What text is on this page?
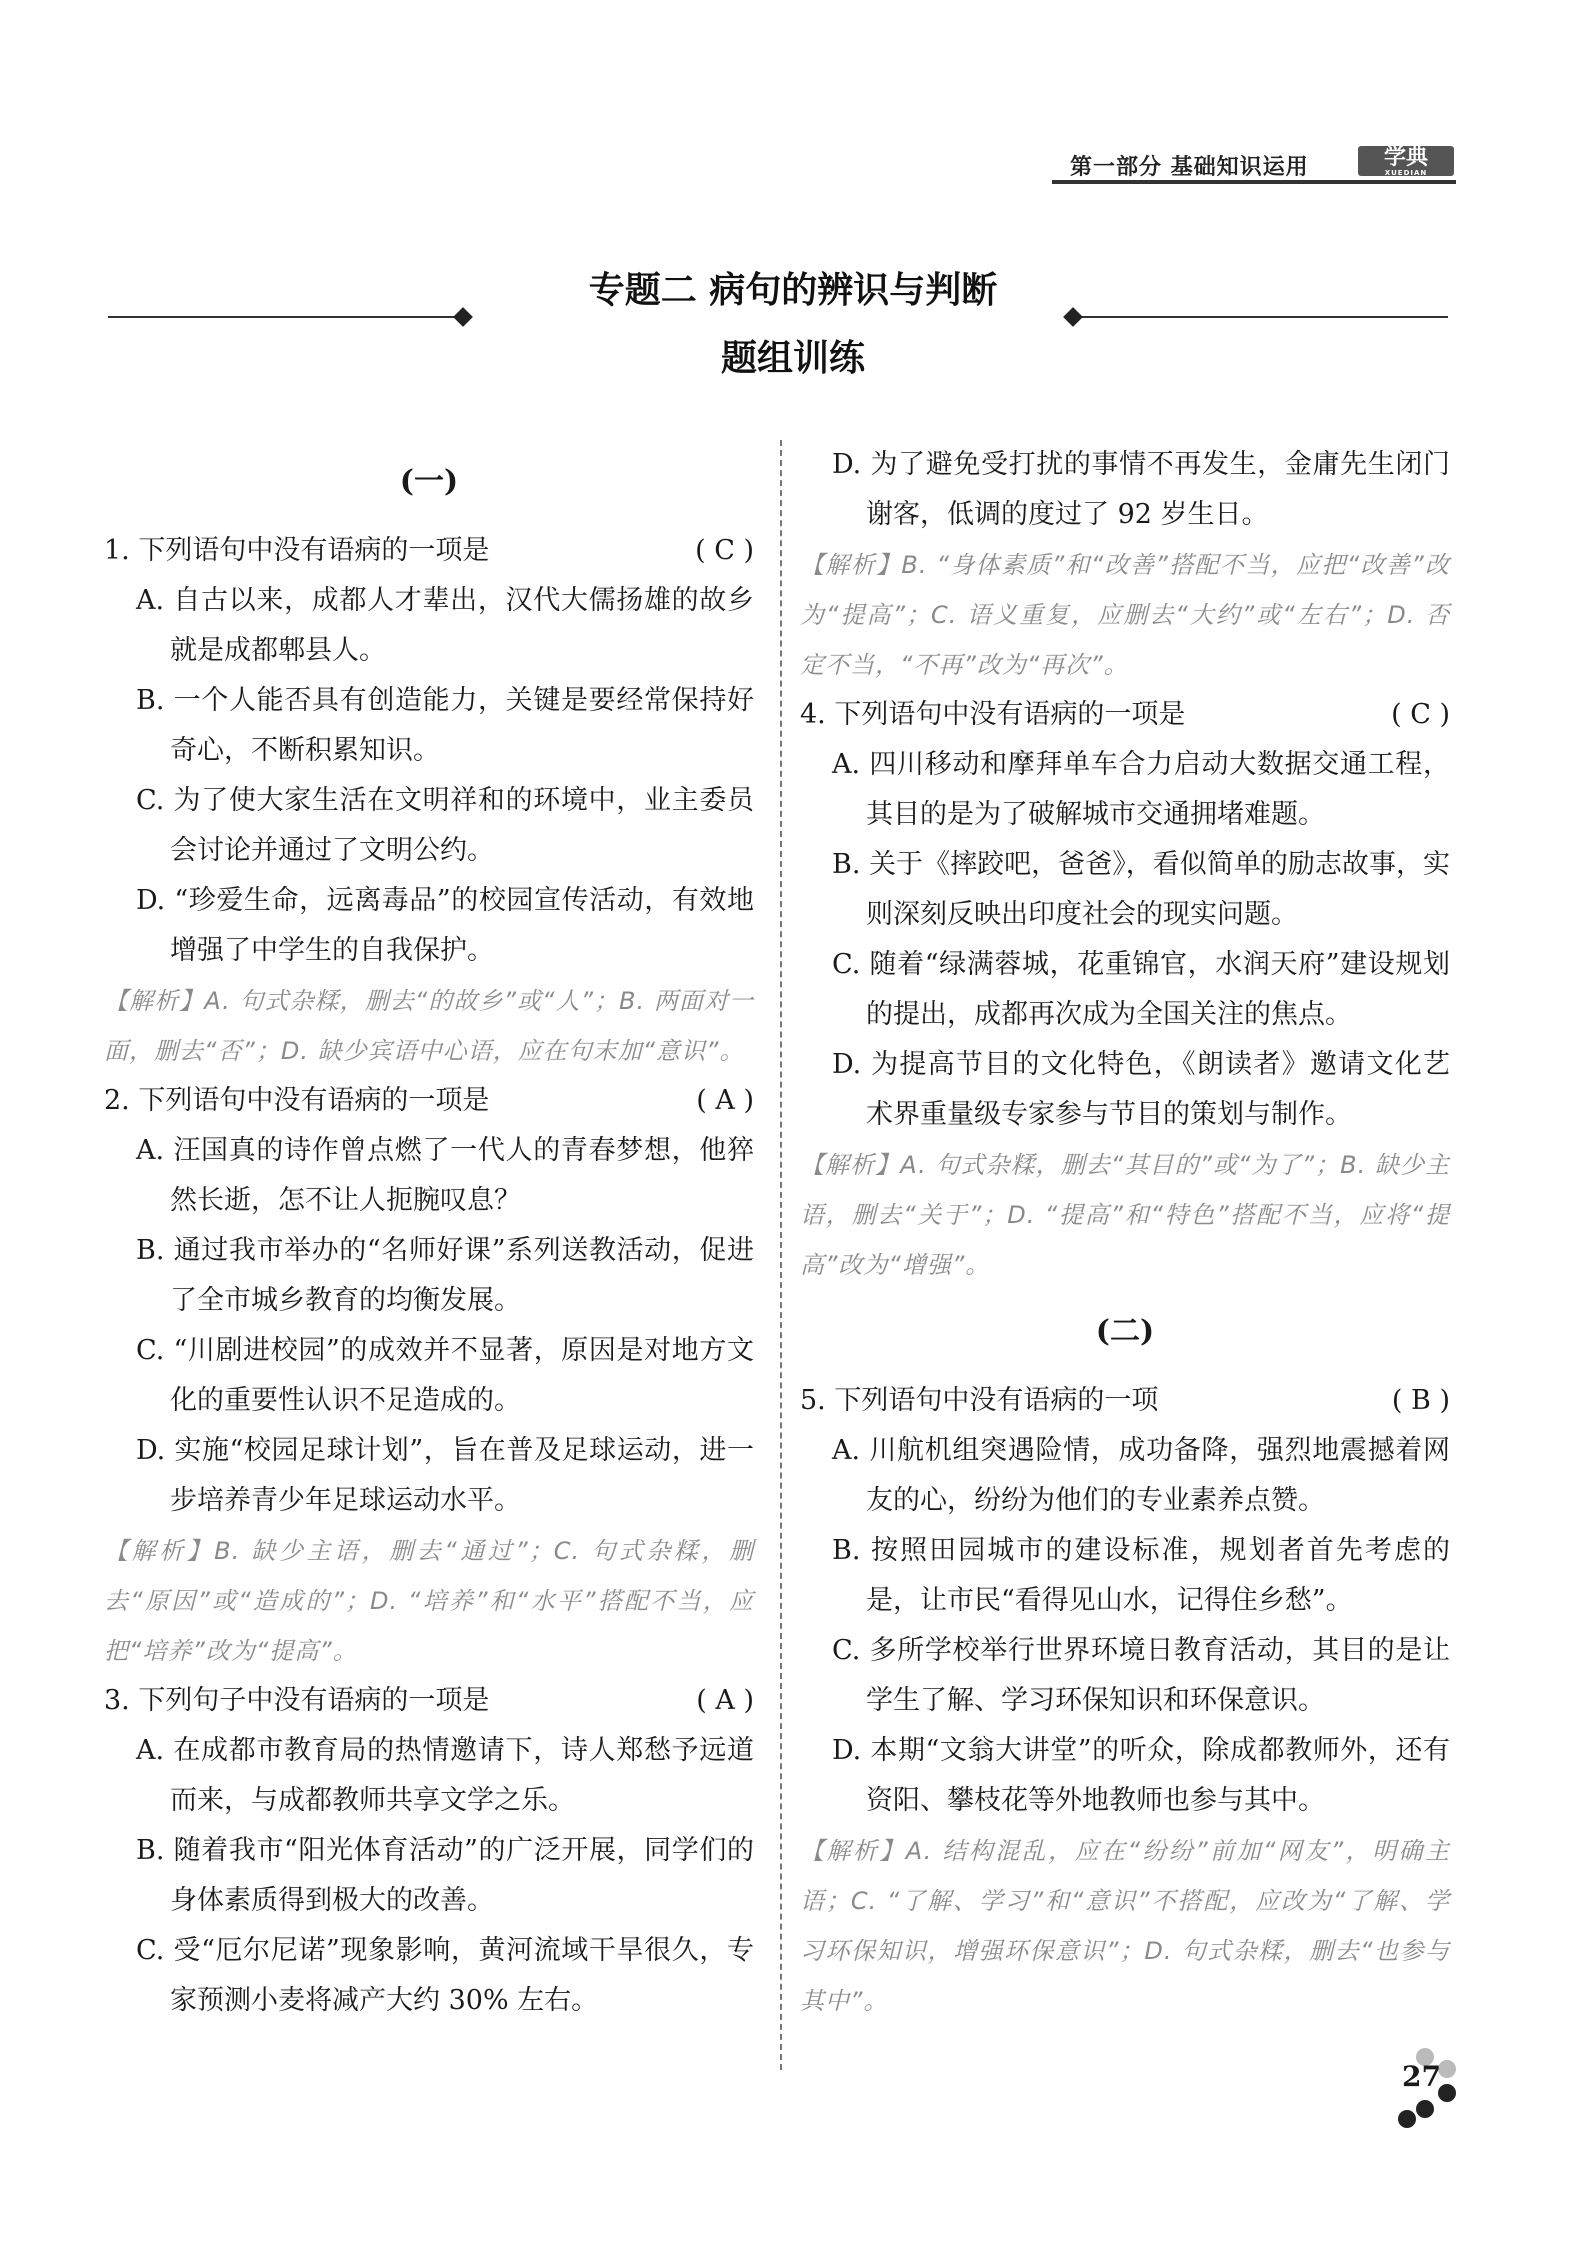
第一部分 基础知识运用	学典
XUEDIAN
专题二 病句的辨识与判断
题组训练
(一)
1. 下列语句中没有语病的一项是	( C )
A. 自古以来，成都人才辈出，汉代大儒扬雄的故乡就是成都郫县人。
B. 一个人能否具有创造能力，关键是要经常保持好奇心，不断积累知识。
C. 为了使大家生活在文明祥和的环境中，业主委员会讨论并通过了文明公约。
D. “珍爱生命，远离毒品”的校园宣传活动，有效地增强了中学生的自我保护。
【解析】A. 句式杂糅，删去“的故乡”或“人”；B. 两面对一面，删去“否”；D. 缺少宾语中心语，应在句末加“意识”。
2. 下列语句中没有语病的一项是	( A )
A. 汪国真的诗作曾点燃了一代人的青春梦想，他猝然长逝，怎不让人扼腕叹息？
B. 通过我市举办的“名师好课”系列送教活动，促进了全市城乡教育的均衡发展。
C. “川剧进校园”的成效并不显著，原因是对地方文化的重要性认识不足造成的。
D. 实施“校园足球计划”，旨在普及足球运动，进一步培养青少年足球运动水平。
【解析】B. 缺少主语，删去“通过”；C. 句式杂糅，删去“原因”或“造成的”；D. “培养”和“水平”搭配不当，应把“培养”改为“提高”。
3. 下列句子中没有语病的一项是	( A )
A. 在成都市教育局的热情邀请下，诗人郑愁予远道而来，与成都教师共享文学之乐。
B. 随着我市“阳光体育活动”的广泛开展，同学们的身体素质得到极大的改善。
C. 受“厄尔尼诺”现象影响，黄河流域干旱很久，专家预测小麦将减产大约 30% 左右。
D. 为了避免受打扰的事情不再发生，金庸先生闭门谢客，低调的度过了 92 岁生日。
【解析】B. “身体素质”和“改善”搭配不当，应把“改善”改为“提高”；C. 语义重复，应删去“大约”或“左右”；D. 否定不当，“不再”改为“再次”。
4. 下列语句中没有语病的一项是	( C )
A. 四川移动和摩拜单车合力启动大数据交通工程，其目的是为了破解城市交通拥堵难题。
B. 关于《摔跤吧，爸爸》，看似简单的励志故事，实则深刻反映出印度社会的现实问题。
C. 随着“绿满蓉城，花重锦官，水润天府”建设规划的提出，成都再次成为全国关注的焦点。
D. 为提高节目的文化特色，《朗读者》邀请文化艺术界重量级专家参与节目的策划与制作。
【解析】A. 句式杂糅，删去“其目的”或“为了”；B. 缺少主语，删去“关于”；D. “提高”和“特色”搭配不当，应将“提高”改为“增强”。
(二)
5. 下列语句中没有语病的一项	( B )
A. 川航机组突遇险情，成功备降，强烈地震撼着网友的心，纷纷为他们的专业素养点赞。
B. 按照田园城市的建设标准，规划者首先考虑的是，让市民“看得见山水，记得住乡愁”。
C. 多所学校举行世界环境日教育活动，其目的是让学生了解、学习环保知识和环保意识。
D. 本期“文翁大讲堂”的听众，除成都教师外，还有资阳、攀枝花等外地教师也参与其中。
【解析】A. 结构混乱，应在“纷纷”前加“网友”，明确主语；C. “了解、学习”和“意识”不搭配，应改为“了解、学习环保知识，增强环保意识”；D. 句式杂糅，删去“也参与其中”。
27
